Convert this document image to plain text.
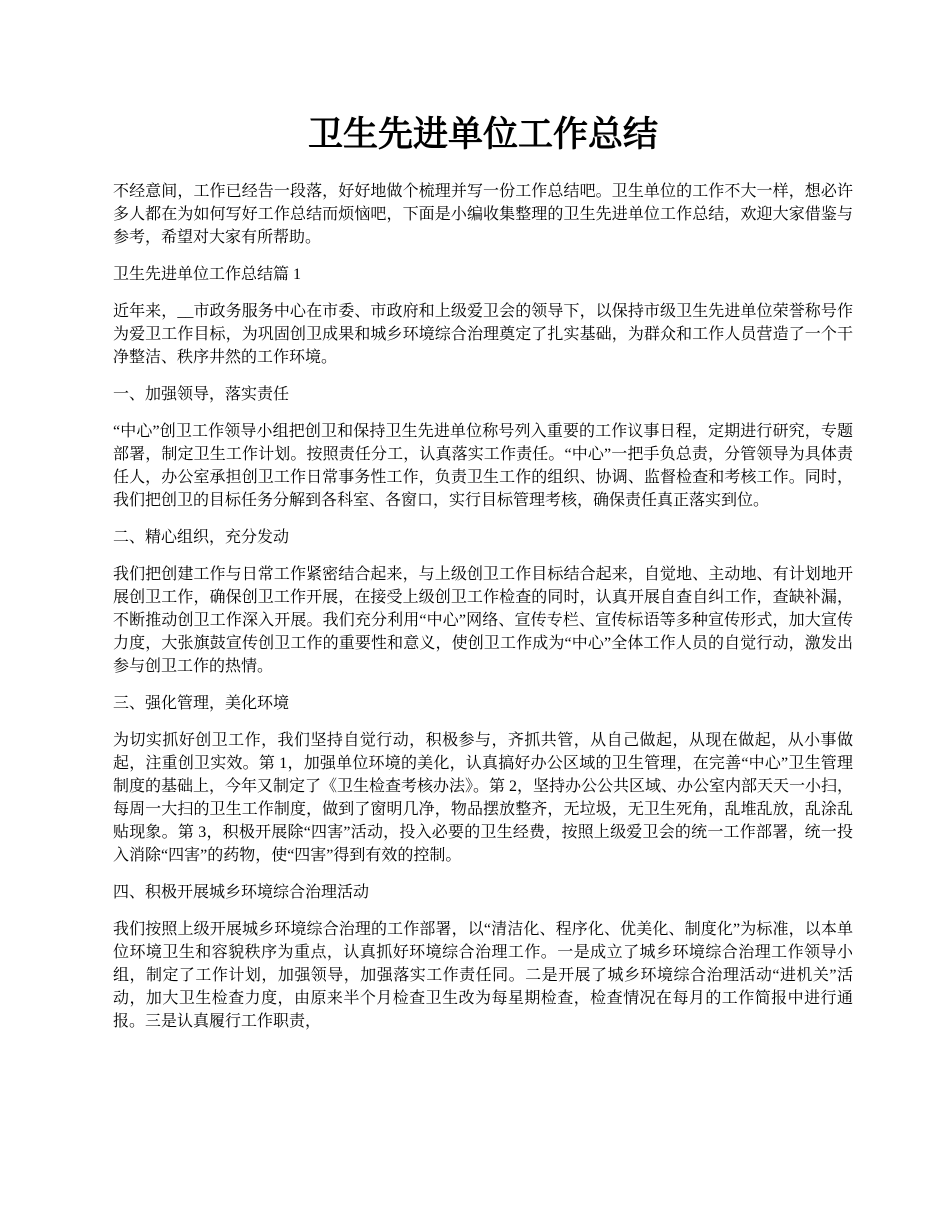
卫生先进单位工作总结

不经意间，工作已经告一段落，好好地做个梳理并写一份工作总结吧。卫生单位的工作不大一样，想必许多人都在为如何写好工作总结而烦恼吧，下面是小编收集整理的卫生先进单位工作总结，欢迎大家借鉴与参考，希望对大家有所帮助。

卫生先进单位工作总结篇 1

近年来，__市政务服务中心在市委、市政府和上级爱卫会的领导下，以保持市级卫生先进单位荣誉称号作为爱卫工作目标，为巩固创卫成果和城乡环境综合治理奠定了扎实基础，为群众和工作人员营造了一个干净整洁、秩序井然的工作环境。

一、加强领导，落实责任

“中心”创卫工作领导小组把创卫和保持卫生先进单位称号列入重要的工作议事日程，定期进行研究，专题部署，制定卫生工作计划。按照责任分工，认真落实工作责任。“中心”一把手负总责，分管领导为具体责任人，办公室承担创卫工作日常事务性工作，负责卫生工作的组织、协调、监督检查和考核工作。同时，我们把创卫的目标任务分解到各科室、各窗口，实行目标管理考核，确保责任真正落实到位。

二、精心组织，充分发动

我们把创建工作与日常工作紧密结合起来，与上级创卫工作目标结合起来，自觉地、主动地、有计划地开展创卫工作，确保创卫工作开展，在接受上级创卫工作检查的同时，认真开展自查自纠工作，查缺补漏，不断推动创卫工作深入开展。我们充分利用“中心”网络、宣传专栏、宣传标语等多种宣传形式，加大宣传力度，大张旗鼓宣传创卫工作的重要性和意义，使创卫工作成为“中心”全体工作人员的自觉行动，激发出参与创卫工作的热情。

三、强化管理，美化环境

为切实抓好创卫工作，我们坚持自觉行动，积极参与，齐抓共管，从自己做起，从现在做起，从小事做起，注重创卫实效。第 1，加强单位环境的美化，认真搞好办公区域的卫生管理，在完善“中心”卫生管理制度的基础上，今年又制定了《卫生检查考核办法》。第 2，坚持办公公共区域、办公室内部天天一小扫，每周一大扫的卫生工作制度，做到了窗明几净，物品摆放整齐，无垃圾，无卫生死角，乱堆乱放，乱涂乱贴现象。第 3，积极开展除“四害”活动，投入必要的卫生经费，按照上级爱卫会的统一工作部署，统一投入消除“四害”的药物，使“四害”得到有效的控制。

四、积极开展城乡环境综合治理活动

我们按照上级开展城乡环境综合治理的工作部署，以“清洁化、程序化、优美化、制度化”为标准，以本单位环境卫生和容貌秩序为重点，认真抓好环境综合治理工作。一是成立了城乡环境综合治理工作领导小组，制定了工作计划，加强领导，加强落实工作责任同。二是开展了城乡环境综合治理活动“进机关”活动，加大卫生检查力度，由原来半个月检查卫生改为每星期检查，检查情况在每月的工作简报中进行通报。三是认真履行工作职责，
